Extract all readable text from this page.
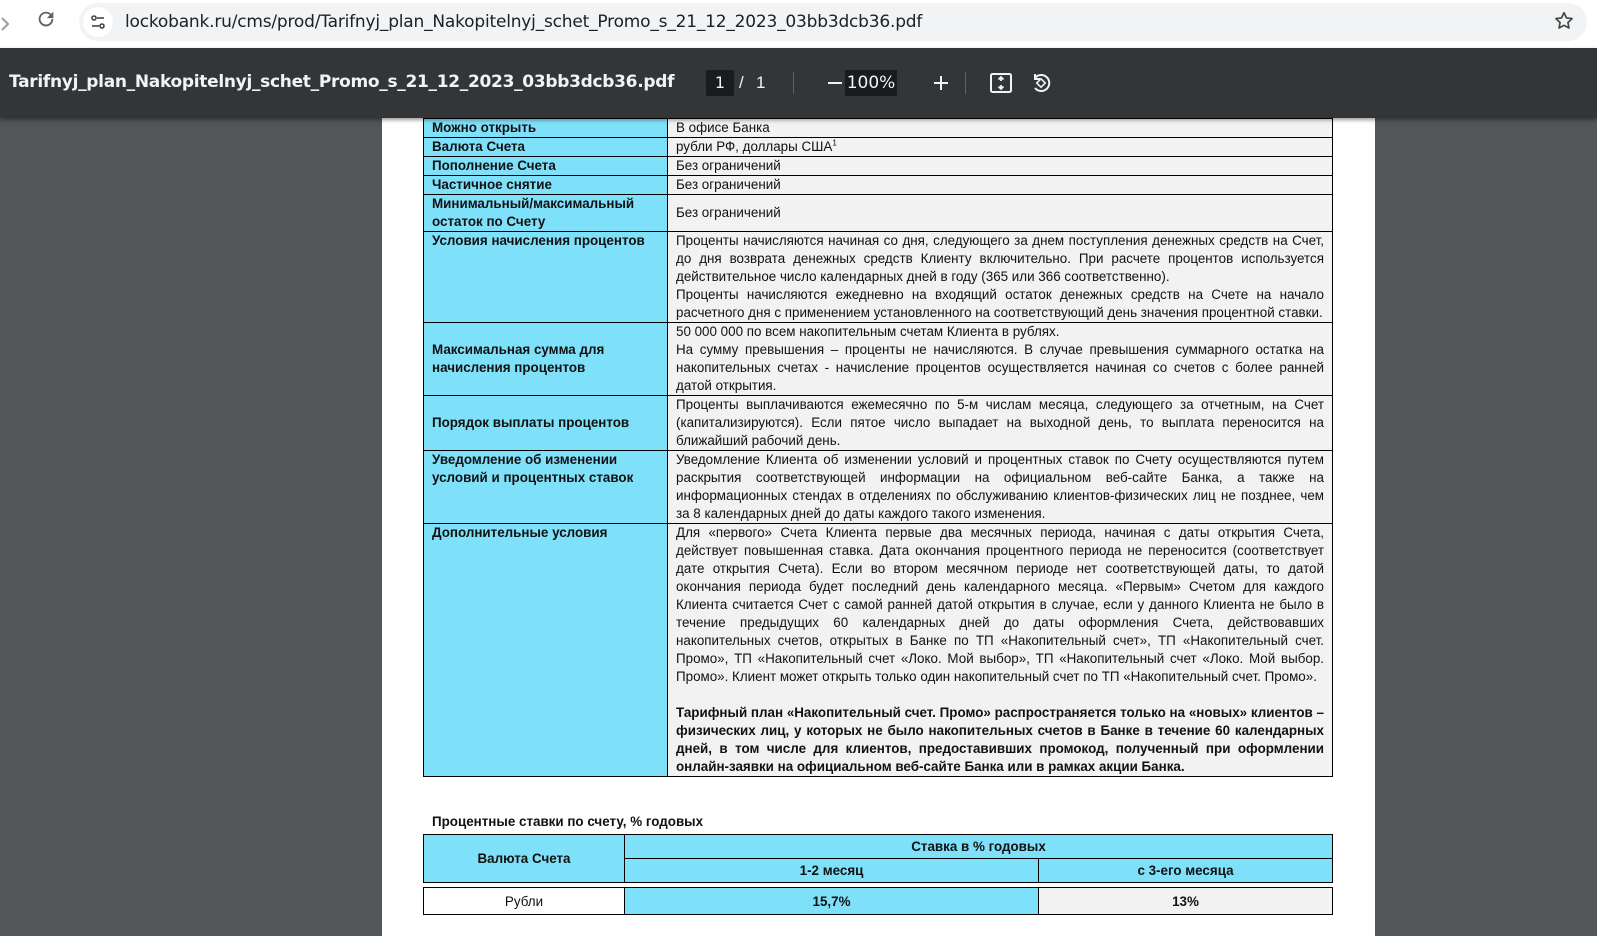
lockobank.ru/cms/prod/Tarifnyj_plan_Nakopitelnyj_schet_Promo_s_21_12_2023_03bb3dcb36.pdf
Tarifnyj_plan_Nakopitelnyj_schet_Promo_s_21_12_2023_03bb3dcb36.pdf	1 / 1	100%

Можно открыть	В офисе Банка
Валюта Счета	рубли РФ, доллары США$^1$
Пополнение Счета	Без ограничений
Частичное снятие	Без ограничений
Минимальный/максимальный остаток по Счету	Без ограничений
Условия начисления процентов	Проценты начисляются начиная со дня, следующего за днем поступления денежных средств на Счет, до дня возврата денежных средств Клиенту включительно. При расчете процентов используется действительное число календарных дней в году (365 или 366 соответственно).
Проценты начисляются ежедневно на входящий остаток денежных средств на Счете на начало расчетного дня с применением установленного на соответствующий день значения процентной ставки.

Максимальная сумма для начисления процентов	50 000 000 по всем накопительным счетам Клиента в рублях.
На сумму превышения – проценты не начисляются. В случае превышения суммарного остатка на накопительных счетах - начисление процентов осуществляется начиная со счетов с более ранней датой открытия.

Порядок выплаты процентов	Проценты выплачиваются ежемесячно по 5-м числам месяца, следующего за отчетным, на Счет (капитализируются). Если пятое число выпадает на выходной день, то выплата переносится на ближайший рабочий день.
Уведомление об изменении условий и процентных ставок	Уведомление Клиента об изменении условий и процентных ставок по Счету осуществляются путем раскрытия соответствующей информации на официальном веб-сайте Банка, а также на информационных стендах в отделениях по обслуживанию клиентов-физических лиц не позднее, чем за 8 календарных дней до даты каждого такого изменения.
Дополнительные условия	Для «первого» Счета Клиента первые два месячных периода, начиная с даты открытия Счета, действует повышенная ставка. Дата окончания процентного периода не переносится (соответствует дате открытия Счета). Если во втором месячном периоде нет соответствующей даты, то датой окончания периода будет последний день календарного месяца. «Первым» Счетом для каждого Клиента считается Счет с самой ранней датой открытия в случае, если у данного Клиента не было в течение предыдущих 60 календарных дней до даты оформления Счета, действовавших накопительных счетов, открытых в Банке по ТП «Накопительный счет», ТП «Накопительный счет. Промо», ТП «Накопительный счет «Локо. Мой выбор», ТП «Накопительный счет «Локо. Мой выбор. Промо». Клиент может открыть только один накопительный счет по ТП «Накопительный счет. Промо».
Тарифный план «Накопительный счет. Промо» распространяется только на «новых» клиентов – физических лиц, у которых не было накопительных счетов в Банке в течение 60 календарных дней, в том числе для клиентов, предоставивших промокод, полученный при оформлении онлайн-заявки на официальном веб-сайте Банка или в рамках акции Банка.
Процентные ставки по счету, % годовых
Валюта Счета	Ставка в % годовых	
	1-2 месяц	с 3-его месяца
Рубли	15,7%	13%
